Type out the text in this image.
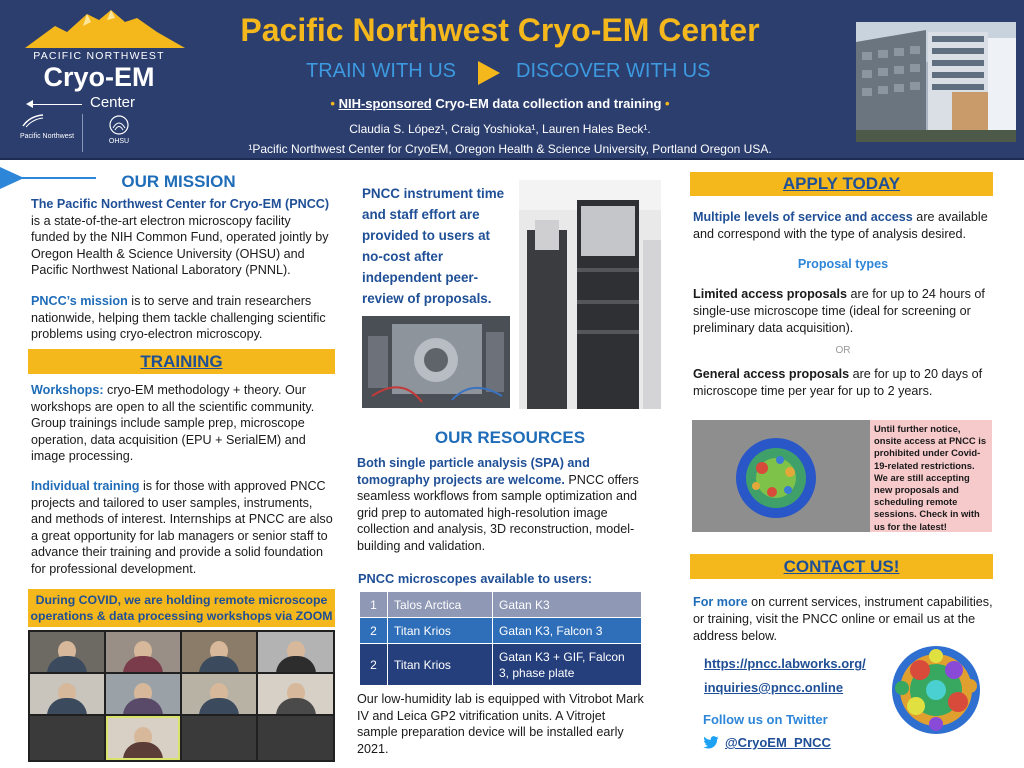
PACIFIC NORTHWEST
Cryo-EM
Center
Pacific Northwest
OHSU
Pacific Northwest Cryo-EM Center
TRAIN WITH US	DISCOVER WITH US
• NIH-sponsored Cryo-EM data collection and training •
Claudia S. López¹, Craig Yoshioka¹, Lauren Hales Beck¹.
¹Pacific Northwest Center for CryoEM, Oregon Health & Science University, Portland Oregon USA.
OUR MISSION
The Pacific Northwest Center for Cryo-EM (PNCC) is a state-of-the-art electron microscopy facility funded by the NIH Common Fund, operated jointly by Oregon Health & Science University (OHSU) and Pacific Northwest National Laboratory (PNNL).
PNCC’s mission is to serve and train researchers nationwide, helping them tackle challenging scientific problems using cryo-electron microscopy.
TRAINING
Workshops: cryo-EM methodology + theory. Our workshops are open to all the scientific community. Group trainings include sample prep, microscope operation, data acquisition (EPU + SerialEM) and image processing.
Individual training is for those with approved PNCC projects and tailored to user samples, instruments, and methods of interest. Internships at PNCC are also a great opportunity for lab managers or senior staff to advance their training and provide a solid foundation for professional development.
During COVID, we are holding remote microscope operations & data processing workshops via ZOOM
PNCC instrument time and staff effort are provided to users at no-cost after independent peer-review of proposals.
OUR RESOURCES
Both single particle analysis (SPA) and tomography projects are welcome. PNCC offers seamless workflows from sample optimization and grid prep to automated high-resolution image collection and analysis, 3D reconstruction, model-building and validation.
PNCC microscopes available to users:
1	Talos Arctica	Gatan K3
2	Titan Krios	Gatan K3, Falcon 3
2	Titan Krios	Gatan K3 + GIF, Falcon 3, phase plate
Our low-humidity lab is equipped with Vitrobot Mark IV and Leica GP2 vitrification units. A Vitrojet sample preparation device will be installed early 2021.
APPLY TODAY
Multiple levels of service and access are available and correspond with the type of analysis desired.
Proposal types
Limited access proposals are for up to 24 hours of single-use microscope time (ideal for screening or preliminary data acquisition).
OR
General access proposals are for up to 20 days of microscope time per year for up to 2 years.
Until further notice, onsite access at PNCC is prohibited under Covid-19-related restrictions. We are still accepting new proposals and scheduling remote sessions. Check in with us for the latest!
CONTACT US!
For more on current services, instrument capabilities, or training, visit the PNCC online or email us at the address below.
https://pncc.labworks.org/
inquiries@pncc.online
Follow us on Twitter
@CryoEM_PNCC
